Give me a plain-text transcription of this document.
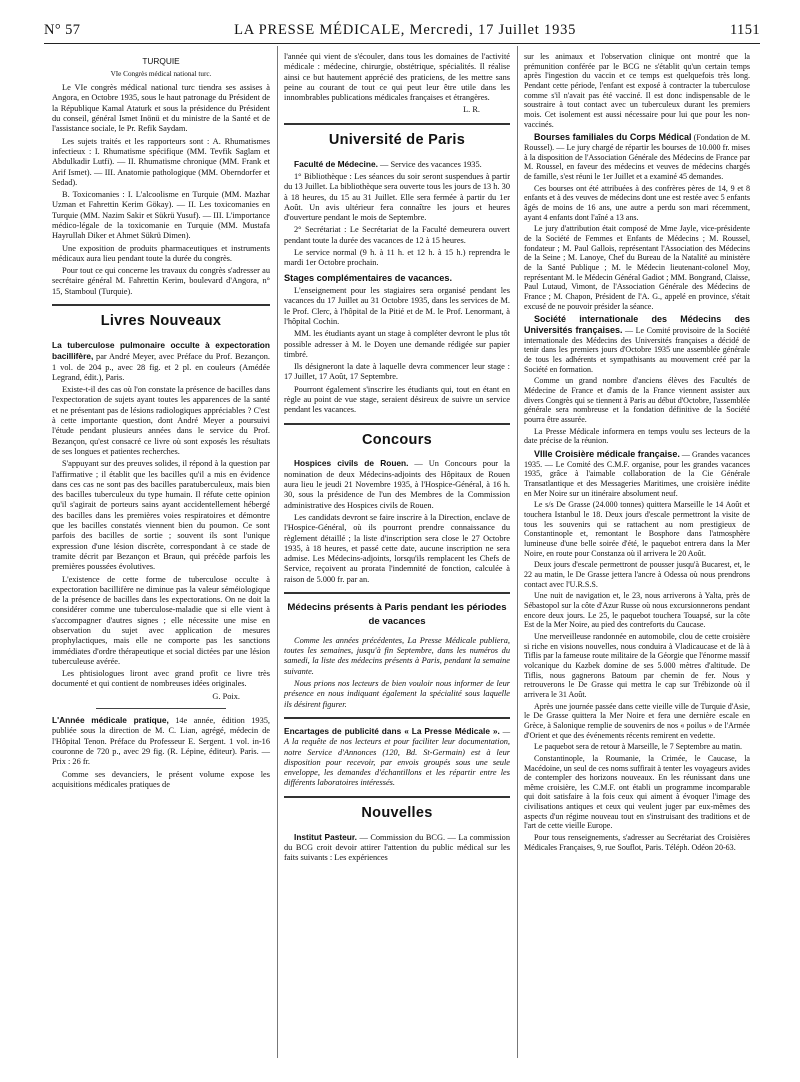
N° 57	LA PRESSE MÉDICALE, Mercredi, 17 Juillet 1935	1151
TURQUIE
VIe Congrès médical national turc.

Le VIe congrès médical national turc tiendra ses assises à Angora, en Octobre 1935, sous le haut patronage du Président de la République Kamal Ataturk et sous la présidence du Président du conseil, général Ismet Inönü et du ministre de la Santé et de l'assistance sociale, le Pr. Refik Saydam.

Les sujets traités et les rapporteurs sont : A. Rhumatismes infectieux : I. Rhumatisme spécifique (MM. Tevfik Saglam et Abdulkadir Lutfi). — II. Rhumatisme chronique (MM. Frank et Arif Ismet). — III. Anatomie pathologique (MM. Oberndorfer et Sedad).

B. Toxicomanies : I. L'alcoolisme en Turquie (MM. Mazhar Uzman et Fahrettin Kerim Gökay). — II. Les toxicomanies en Turquie (MM. Nazim Sakir et Sükrü Yusuf). — III. L'importance médico-légale de la toxicomanie en Turquie (MM. Mustafa Hayrullah Diker et Ahmet Sükrü Dimen).

Une exposition de produits pharmaceutiques et instruments médicaux aura lieu pendant toute la durée du congrès.

Pour tout ce qui concerne les travaux du congrès s'adresser au secrétaire général M. Fahrettin Kerim, boulevard d'Angora, n° 15, Stamboul (Turquie).

Livres Nouveaux

La tuberculose pulmonaire occulte à expectoration bacillifère, par André Meyer, avec Préface du Prof. Bezançon. 1 vol. de 204 p., avec 28 fig. et 2 pl. en couleurs (Amédée Legrand, édit.), Paris.

Existe-t-il des cas où l'on constate la présence de bacilles dans l'expectoration de sujets ayant toutes les apparences de la santé et ne présentant pas de lésions radiologiques appréciables ? C'est à cette importante question, dont André Meyer a poursuivi l'étude pendant plusieurs années dans le service du Prof. Bezançon, qu'est consacré ce livre où sont exposés les résultats de ses longues et patientes recherches.

S'appuyant sur des preuves solides, il répond à la question par l'affirmative ; il établit que les bacilles qu'il a mis en évidence dans ces cas ne sont pas des bacilles paratuberculeux, mais bien des bacilles tuberculeux du type humain. Il réfute cette opinion qu'il s'agirait de porteurs sains ayant accidentellement hébergé des bacilles dans les premières voies respiratoires et démontre que les bacilles constatés viennent bien du poumon. Ce sont parfois des bacilles de sortie ; souvent ils sont l'unique expression d'une lésion discrète, correspondant à ce stade de tramite décrit par Bezançon et Braun, qui précède parfois les premières poussées évolutives.

L'existence de cette forme de tuberculose occulte à expectoration bacillifère ne diminue pas la valeur séméiologique de la présence de bacilles dans les expectorations. On ne doit la considérer comme une tuberculose-maladie que si elle vient à s'accompagner d'autres signes ; elle nécessite une mise en observation du sujet avec application de mesures prophylactiques, mais elle ne comporte pas les sanctions immédiates d'ordre thérapeutique et social dictées par une lésion tuberculeuse avérée.

Les phtisiologues liront avec grand profit ce livre très documenté et qui contient de nombreuses idées originales.

G. Poix.

L'Année médicale pratique, 14e année, édition 1935, publiée sous la direction de M. C. Lian, agrégé, médecin de l'Hôpital Tenon. Préface du Professeur E. Sergent. 1 vol. in-16 couronne de 720 p., avec 29 fig. (R. Lépine, éditeur). Paris. — Prix : 26 fr.

Comme ses devanciers, le présent volume expose les acquisitions médicales pratiques de

l'année qui vient de s'écouler, dans tous les domaines de l'activité médicale : médecine, chirurgie, obstétrique, spécialités. Il réalise ainsi ce but hautement apprécié des praticiens, de les mettre sans peine au courant de tout ce qui peut leur être utile dans les innombrables publications médicales françaises et étrangères.

L. R.

Université de Paris

Faculté de Médecine. — Service des vacances 1935.

1° Bibliothèque : Les séances du soir seront suspendues à partir du 13 Juillet. La bibliothèque sera ouverte tous les jours de 13 h. 30 à 18 heures, du 15 au 31 Juillet. Elle sera fermée à partir du 1er Août. Un avis ultérieur fera connaître les jours et heures d'ouverture pendant le mois de Septembre.

2° Secrétariat : Le Secrétariat de la Faculté demeurera ouvert pendant toute la durée des vacances de 12 à 15 heures.

Le service normal (9 h. à 11 h. et 12 h. à 15 h.) reprendra le mardi 1er Octobre prochain.

Stages complémentaires de vacances.

L'enseignement pour les stagiaires sera organisé pendant les vacances du 17 Juillet au 31 Octobre 1935, dans les services de M. le Prof. Clerc, à l'hôpital de la Pitié et de M. le Prof. Lenormant, à l'hôpital Cochin.

MM. les étudiants ayant un stage à compléter devront le plus tôt possible adresser à M. le Doyen une demande rédigée sur papier timbré.

Ils désigneront la date à laquelle devra commencer leur stage : 17 Juillet, 17 Août, 17 Septembre.

Pourront également s'inscrire les étudiants qui, tout en étant en règle au point de vue stage, seraient désireux de suivre un service pendant les vacances.

Concours

Hospices civils de Rouen. — Un Concours pour la nomination de deux Médecins-adjoints des Hôpitaux de Rouen aura lieu le jeudi 21 Novembre 1935, à l'Hospice-Général, à 16 h. 30, sous la présidence de l'un des Membres de la Commission administrative des Hospices civils de Rouen.

Les candidats devront se faire inscrire à la Direction, enclave de l'Hospice-Général, où ils pourront prendre connaissance du règlement détaillé ; la liste d'inscription sera close le 27 Octobre 1935, à 18 heures, et passé cette date, aucune inscription ne sera admise. Les Médecins-adjoints, lorsqu'ils remplacent les Chefs de Service, reçoivent au prorata l'indemnité de fonction, calculée à raison de 5.000 fr. par an.

Médecins présents à Paris pendant les périodes de vacances

Comme les années précédentes, La Presse Médicale publiera, toutes les semaines, jusqu'à fin Septembre, dans les numéros du samedi, la liste des médecins présents à Paris, pendant la semaine suivante.

Nous prions nos lecteurs de bien vouloir nous informer de leur présence en nous indiquant également la spécialité sous laquelle ils désirent figurer.

Encartages de publicité dans « La Presse Médicale ». — A la requête de nos lecteurs et pour faciliter leur documentation, notre Service d'Annonces (120, Bd. St-Germain) est à leur disposition pour recevoir, par envois groupés sous une seule enveloppe, les demandes d'échantillons et les répartir entre les différents laboratoires intéressés.

Nouvelles

Institut Pasteur. — Commission du BCG. — La commission du BCG croit devoir attirer l'attention du public médical sur les faits suivants : Les expériences

sur les animaux et l'observation clinique ont montré que la prémunition conférée par le BCG ne s'établit qu'un certain temps après l'ingestion du vaccin et ce temps est quelquefois très long. Pendant cette période, l'enfant est exposé à contracter la tuberculose comme s'il n'avait pas été vacciné. Il est donc indispensable de le soustraire à tout contact avec un tuberculeux durant les premiers mois. Cet isolement est aussi nécessaire pour lui que pour les non-vaccinés.

Bourses familiales du Corps Médical (Fondation de M. Roussel). — Le jury chargé de répartir les bourses de 10.000 fr. mises à la disposition de l'Association Générale des Médecins de France par M. Roussel, en faveur des médecins et veuves de médecins chargés de famille, s'est réuni le 1er Juillet et a examiné 45 demandes.

Ces bourses ont été attribuées à des confrères pères de 14, 9 et 8 enfants et à des veuves de médecins dont une est restée avec 5 enfants âgés de moins de 16 ans, une autre a perdu son mari récemment, ayant 4 enfants dont l'aîné a 13 ans.

Le jury d'attribution était composé de Mme Jayle, vice-présidente de la Société de Femmes et Enfants de Médecins ; M. Roussel, fondateur ; M. Paul Gallois, représentant l'Association des Médecins de la Seine ; M. Lanoye, Chef du Bureau de la Natalité au ministère de la Santé Publique ; M. le Médecin lieutenant-colonel Moy, représentant M. le Médecin Général Gadiot ; MM. Bongrand, Claisse, Paul Lutaud, Vimont, de l'Association Générale des Médecins de France ; M. Chapon, Président de l'A. G., appelé en province, s'était excusé de ne pouvoir présider la séance.

Société internationale des Médecins des Universités françaises. — Le Comité provisoire de la Société internationale des Médecins des Universités françaises a décidé de tenir dans les premiers jours d'Octobre 1935 une assemblée générale de tous les adhérents et sympathisants au mouvement créé par la Société en formation.

Comme un grand nombre d'anciens élèves des Facultés de Médecine de France et d'amis de la France viennent assister aux divers Congrès qui se tiennent à Paris au début d'Octobre, l'assemblée générale sera nombreuse et la fondation définitive de la Société pourra être assurée.

La Presse Médicale informera en temps voulu ses lecteurs de la date précise de la réunion.

VIIIe Croisière médicale française. — Grandes vacances 1935. — Le Comité des C.M.F. organise, pour les grandes vacances 1935, grâce à l'aimable collaboration de la Cie Générale Transatlantique et des Messageries Maritimes, une croisière inédite en Mer Noire sur un itinéraire absolument neuf.

Le s/s De Grasse (24.000 tonnes) quittera Marseille le 14 Août et touchera Istanbul le 18. Deux jours d'escale permettront la visite de tous les souvenirs qui se rattachent au nom prestigieux de Constantinople et, remontant le Bosphore dans l'atmosphère lumineuse d'une belle soirée d'été, le paquebot entrera dans la Mer Noire, en route pour Constanza où il arrivera le 20 Août.

Deux jours d'escale permettront de pousser jusqu'à Bucarest, et, le 22 au matin, le De Grasse jettera l'ancre à Odessa où nous prendrons contact avec l'U.R.S.S.

Une nuit de navigation et, le 23, nous arriverons à Yalta, près de Sébastopol sur la côte d'Azur Russe où nous excursionnerons pendant encore deux jours. Le 25, le paquebot touchera Touapsé, sur la côte Est de la Mer Noire, au pied des contreforts du Caucase.

Une merveilleuse randonnée en automobile, clou de cette croisière si riche en visions nouvelles, nous conduira à Vladicaucase et de là à Tiflis par la fameuse route militaire de la Géorgie que l'énorme massif volcanique du Kazbek domine de ses 5.000 mètres d'altitude. De Tiflis, nous gagnerons Batoum par chemin de fer. Nous y retrouverons le De Grasse qui mettra le cap sur Trébizonde où il arrivera le 31 Août.

Après une journée passée dans cette vieille ville de Turquie d'Asie, le De Grasse quittera la Mer Noire et fera une dernière escale en Grèce, à Salonique remplie de souvenirs de nos « poilus » de l'Armée d'Orient et que des événements récents remirent en vedette.

Le paquebot sera de retour à Marseille, le 7 Septembre au matin.

Constantinople, la Roumanie, la Crimée, le Caucase, la Macédoine, un seul de ces noms suffirait à tenter les voyageurs avides de contempler des horizons nouveaux. En les réunissant dans une même croisière, les C.M.F. ont établi un programme incomparable qui doit satisfaire à la fois ceux qui aiment à évoquer l'image des civilisations antiques et ceux qui veulent juger par eux-mêmes des aspects d'un régime nouveau tout en s'instruisant des traditions et de l'art de cette vieille Europe.

Pour tous renseignements, s'adresser au Secrétariat des Croisières Médicales Françaises, 9, rue Souflot, Paris. Téléph. Odéon 20-63.
